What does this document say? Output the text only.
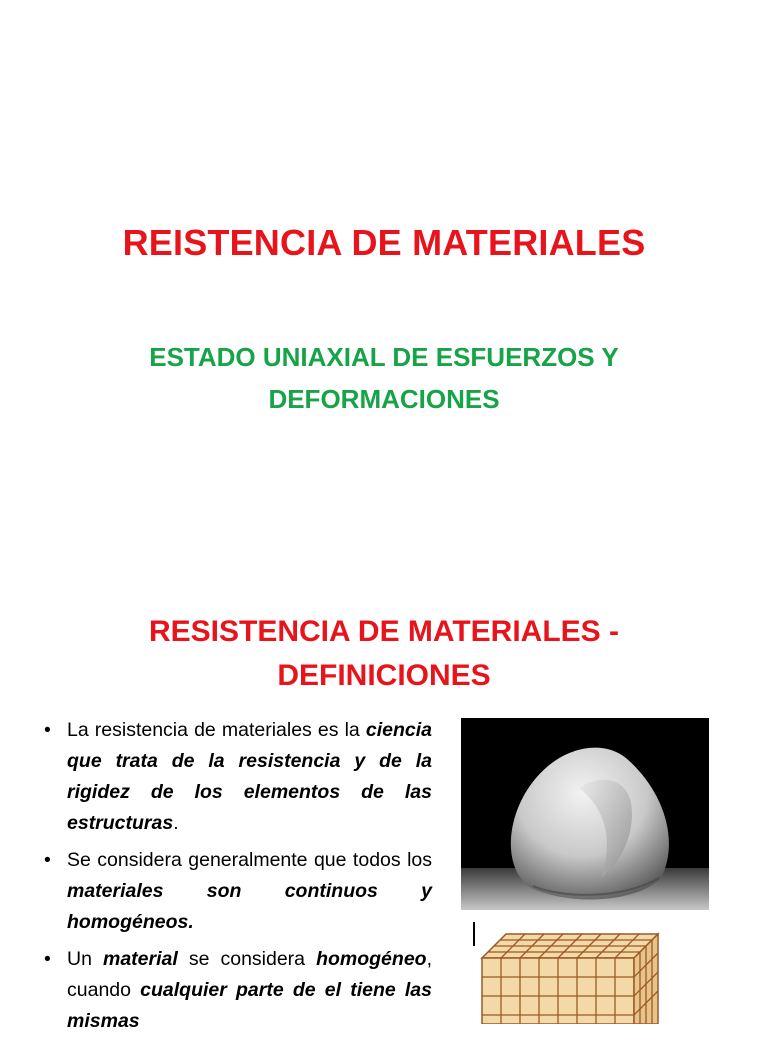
REISTENCIA DE MATERIALES
ESTADO UNIAXIAL DE ESFUERZOS Y
DEFORMACIONES
RESISTENCIA DE MATERIALES -
DEFINICIONES
• La resistencia de materiales es la ciencia que trata de la resistencia y de la rigidez de los elementos de las estructuras.
• Se considera generalmente que todos los materiales son continuos y homogéneos.
• Un material se considera homogéneo, cuando cualquier parte de el tiene las mismas
